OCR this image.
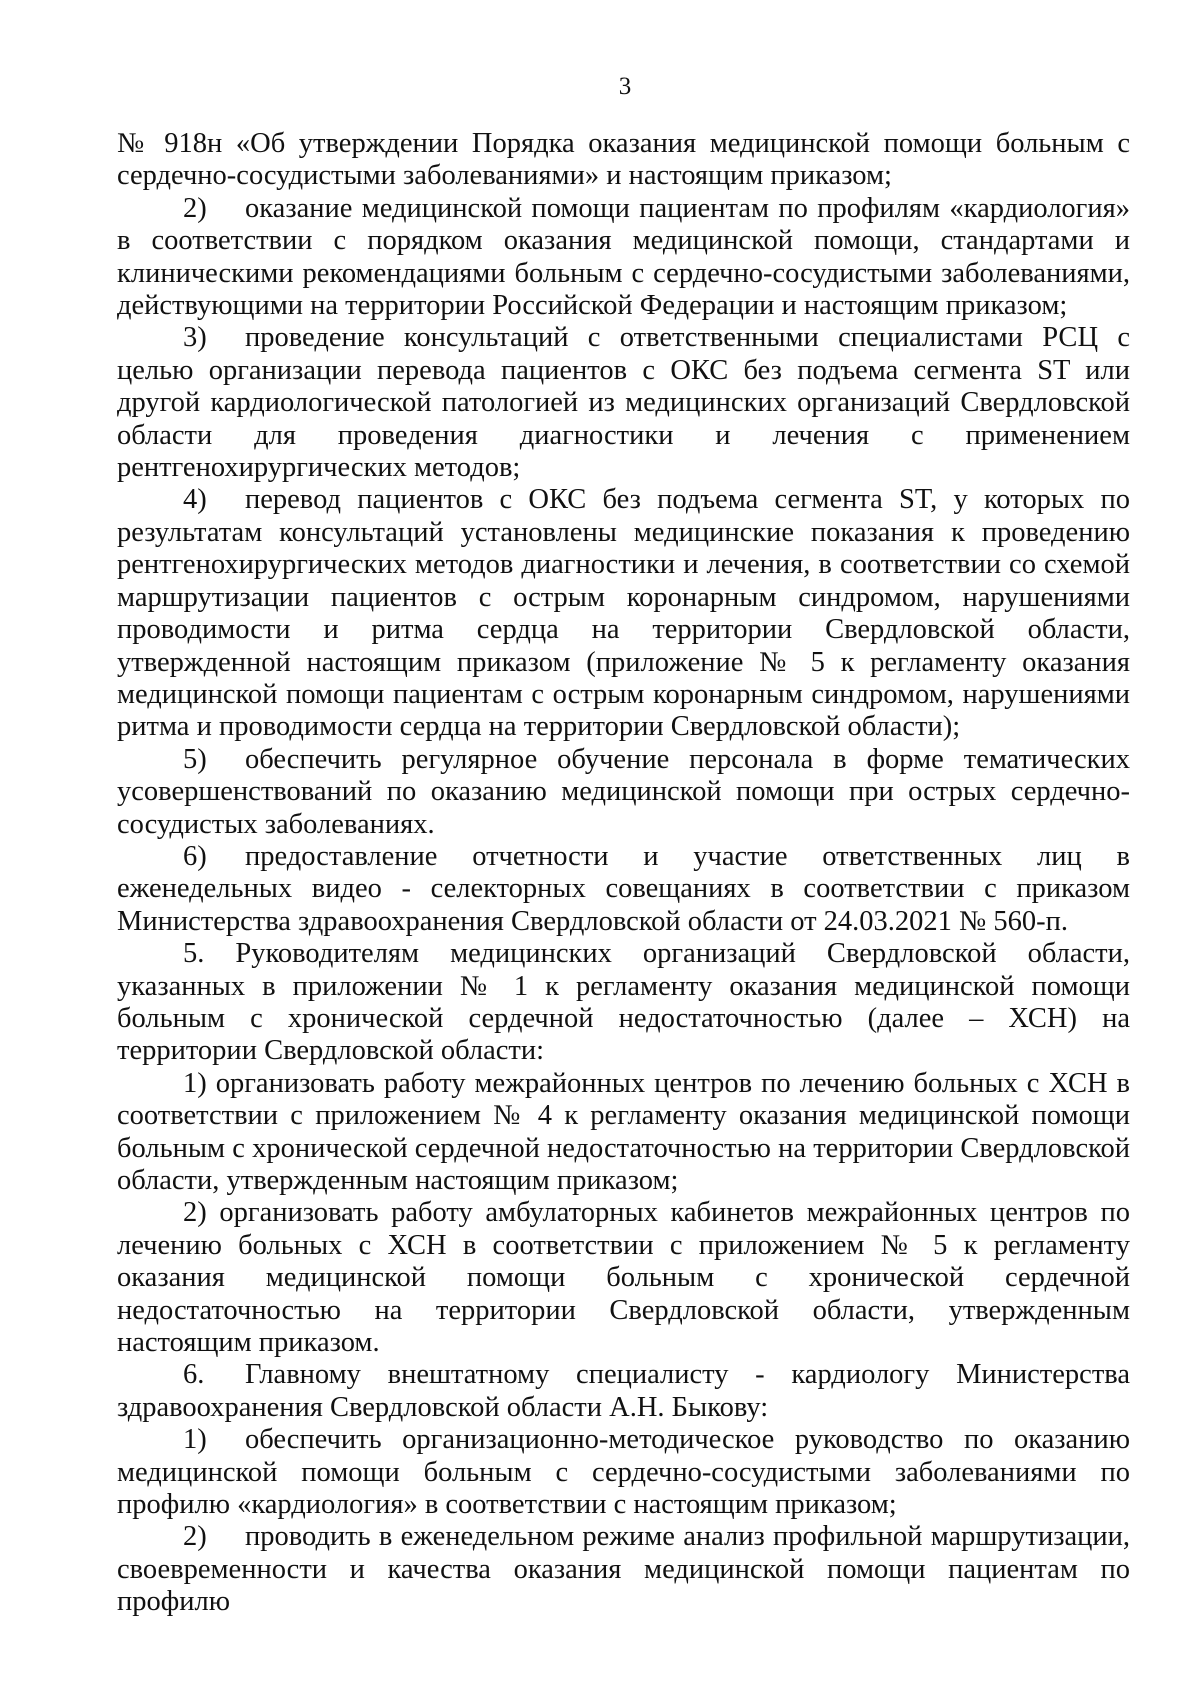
3

№ 918н «Об утверждении Порядка оказания медицинской помощи больным с сердечно-сосудистыми заболеваниями» и настоящим приказом;

2) оказание медицинской помощи пациентам по профилям «кардиология» в соответствии с порядком оказания медицинской помощи, стандартами и клиническими рекомендациями больным с сердечно-сосудистыми заболеваниями, действующими на территории Российской Федерации и настоящим приказом;

3) проведение консультаций с ответственными специалистами РСЦ с целью организации перевода пациентов с ОКС без подъема сегмента ST или другой кардиологической патологией из медицинских организаций Свердловской области для проведения диагностики и лечения с применением рентгенохирургических методов;

4) перевод пациентов с ОКС без подъема сегмента ST, у которых по результатам консультаций установлены медицинские показания к проведению рентгенохирургических методов диагностики и лечения, в соответствии со схемой маршрутизации пациентов с острым коронарным синдромом, нарушениями проводимости и ритма сердца на территории Свердловской области, утвержденной настоящим приказом (приложение № 5 к регламенту оказания медицинской помощи пациентам с острым коронарным синдромом, нарушениями ритма и проводимости сердца на территории Свердловской области);

5) обеспечить регулярное обучение персонала в форме тематических усовершенствований по оказанию медицинской помощи при острых сердечно-сосудистых заболеваниях.

6) предоставление отчетности и участие ответственных лиц в еженедельных видео - селекторных совещаниях в соответствии с приказом Министерства здравоохранения Свердловской области от 24.03.2021 № 560-п.

5. Руководителям медицинских организаций Свердловской области, указанных в приложении № 1 к регламенту оказания медицинской помощи больным с хронической сердечной недостаточностью (далее – ХСН) на территории Свердловской области:

1) организовать работу межрайонных центров по лечению больных с ХСН в соответствии с приложением № 4 к регламенту оказания медицинской помощи больным с хронической сердечной недостаточностью на территории Свердловской области, утвержденным настоящим приказом;

2) организовать работу амбулаторных кабинетов межрайонных центров по лечению больных с ХСН в соответствии с приложением № 5 к регламенту оказания медицинской помощи больным с хронической сердечной недостаточностью на территории Свердловской области, утвержденным настоящим приказом.

6. Главному внештатному специалисту - кардиологу Министерства здравоохранения Свердловской области А.Н. Быкову:

1) обеспечить организационно-методическое руководство по оказанию медицинской помощи больным с сердечно-сосудистыми заболеваниями по профилю «кардиология» в соответствии с настоящим приказом;

2) проводить в еженедельном режиме анализ профильной маршрутизации, своевременности и качества оказания медицинской помощи пациентам по профилю
